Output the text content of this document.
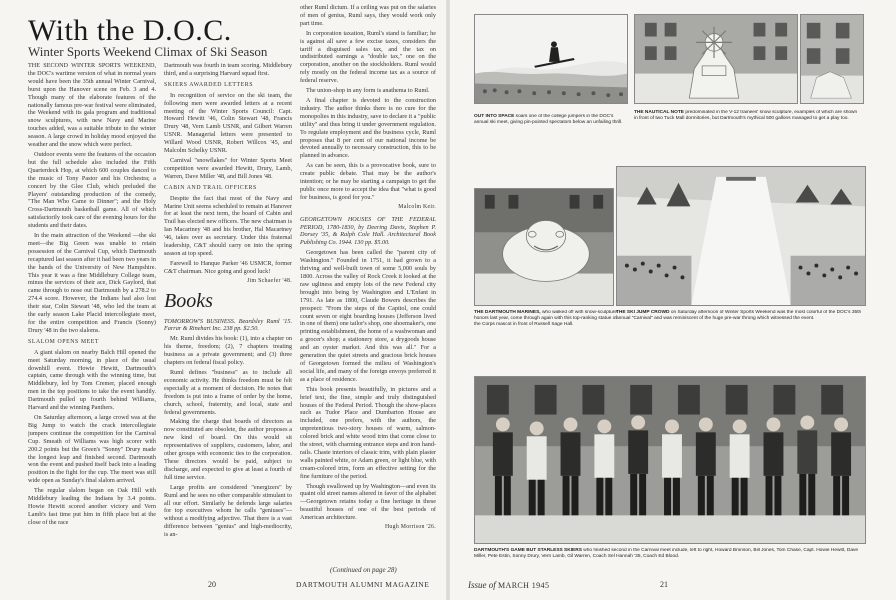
With the D.O.C.
Winter Sports Weekend Climax of Ski Season

THE SECOND WINTER SPORTS WEEKEND, the DOC's wartime version of what in normal years would have been the 35th annual Winter Carnival, burst upon the Hanover scene on Feb. 3 and 4. Though many of the elaborate features of the nationally famous pre-war festival were eliminated, the Weekend with its gala program and traditional snow sculptures, with new Navy and Marine touches added, was a suitable tribute to the winter season. A large crowd in holiday mood enjoyed the weather and the snow which were perfect.

Outdoor events were the features of the occasion but the full schedule also included the Fifth Quarterdeck Hop, at which 600 couples danced to the music of Tony Pastor and his Orchestra; a concert by the Glee Club, which preluded the Players' outstanding production of the comedy, "The Man Who Came to Dinner"; and the Holy Cross-Dartmouth basketball game. All of which satisfactorily took care of the evening hours for the students and their dates.

In the main attraction of the Weekend —the ski meet—the Big Green was unable to retain possession of the Carnival Cup, which Dartmouth recaptured last season after it had been two years in the hands of the University of New Hampshire. This year it was a fine Middlebury College team, minus the services of their ace, Dick Gaylord, that came through to nose out Dartmouth by a 278.2 to 274.4 score. However, the Indians had also lost their star, Colin Stewart '48, who led the team at the early season Lake Placid intercollegiate meet, for the entire competition and Francis (Sonny) Drury '48 in the two slaloms.

SLALOM OPENS MEET

A giant slalom on nearby Balch Hill opened the meet Saturday morning, in place of the usual downhill event. Howie Hewitt, Dartmouth's captain, came through with the winning time, but Middlebury, led by Tom Cremer, placed enough men in the top positions to take the event handily. Dartmouth pulled up fourth behind Williams, Harvard and the winning Panthers.

On Saturday afternoon, a large crowd was at the Big Jump to watch the crack intercollegiate jumpers continue the competition for the Carnival Cup. Smeath of Williams was high scorer with 200.2 points but the Green's "Sonny" Drury made the longest leap and finished second. Dartmouth won the event and pushed itself back into a leading position in the fight for the cup. The meet was still wide open as Sunday's final slalom arrived.

The regular slalom began on Oak Hill with Middlebury leading the Indians by 3.4 points. Howie Hewitt scored another victory and Vern Lamb's fast time put him in fifth place but at the close of the race

Dartmouth was fourth in team scoring. Middlebury third, and a surprising Harvard squad first.

SKIERS AWARDED LETTERS

In recognition of service on the ski team, the following men were awarded letters at a recent meeting of the Winter Sports Council: Capt. Howard Hewitt '46, Colin Stewart '48, Francis Drury '48, Vern Lamb USNR, and Gilbert Warren USNR. Managerial letters were presented to Willard Wood USNR, Robert Willcox '45, and Malcolm Schelky USNR.

Carnival "snowflakes" for Winter Sports Meet competition were awarded Hewitt, Drury, Lamb, Warren, Dave Miller '48, and Bill Jones '48.

CABIN AND TRAIL OFFICERS

Despite the fact that most of the Navy and Marine Unit seems scheduled to remain at Hanover for at least the next term, the board of Cabin and Trail has elected new officers. The new chairman is Ian Macartney '48 and his brother, Hal Macartney '46, takes over as secretary. Under this fraternal leadership, C&T should carry on into the spring season at top speed.

Farewell to Hanque Parker '46 USMCR, former C&T chairman. Nice going and good luck!

Jim Schaefer '48.
Books

TOMORROW'S BUSINESS. Beardsley Ruml '15. Farrar & Rinehart Inc. 238 pp. $2.50.

Mr. Ruml divides his book: (1), into a chapter on his theme, freedom; (2), 7 chapters treating business as a private government; and (3) three chapters on federal fiscal policy.

Ruml defines "business" as to include all economic activity. He thinks freedom must be felt especially at a moment of decision. He notes that freedom is put into a frame of order by the home, church, school, fraternity, and local, state and federal governments.

Making the charge that boards of directors as now constituted are obsolete, the author proposes a new kind of board. On this would sit representatives of suppliers, customers, labor, and other groups with economic ties to the corporation. These directors would be paid, subject to discharge, and expected to give at least a fourth of full time service.

Large profits are considered "energizers" by Ruml and he sees no other comparable stimulant to all our effort. Similarly he defends large salaries for top executives whom he calls "geniuses"—without a modifying adjective. That there is a vast difference between "genius" and high-mediocrity, is an-

other Ruml dictum. If a ceiling was put on the salaries of men of genius, Ruml says, they would work only part time.

In corporation taxation, Ruml's stand is familiar; he is against all save a few excise taxes, considers the tariff a disguised sales tax, and the tax on undistributed earnings a "double tax," one on the corporation, another on the stockholders. Ruml would rely mostly on the federal income tax as a source of federal reserve.

The union-shop in any form is anathema to Ruml.

A final chapter is devoted to the construction industry. The author thinks there is no cure for the monopolies in this industry, save to declare it a "public utility" and thus bring it under government regulation. To regulate employment and the business cycle, Ruml proposes that 8 per cent of our national income be devoted annually to necessary construction, this to be planned in advance.

As can be seen, this is a provocative book, sure to create public debate. That may be the author's intention; or he may be starting a campaign to get the public once more to accept the idea that "what is good for business, is good for you."

Malcolm Keir.

GEORGETOWN HOUSES OF THE FEDERAL PERIOD, 1780-1830, by Deering Davis, Stephen P. Dorsey '35, & Ralph Cole Hall. Architectural Book Publishing Co. 1944. 130 pp. $5.00.

Georgetown has been called the "parent city of Washington." Founded in 1751, it had grown to a thriving and well-built town of some 5,000 souls by 1800. Across the valley of Rock Creek it looked at the raw ugliness and empty lots of the new Federal city brought into being by Washington and L'Enfant in 1791. As late as 1800, Claude Bowers describes the prospect: "From the steps of the Capitol, one could count seven or eight boarding houses (Jefferson lived in one of them) one tailor's shop, one shoemaker's, one printing establishment, the home of a washwoman and a grocer's shop; a stationery store, a drygoods house and an oyster market. And this was all." For a generation the quiet streets and gracious brick houses of Georgetown formed the milieu of Washington's social life, and many of the foreign envoys preferred it as a place of residence.

This book presents beautifully, in pictures and a brief text, the fine, simple and truly distinguished houses of the Federal Period. Though the show-places such as Tudor Place and Dumbarton House are included, one prefers, with the authors, the unpretentious two-story houses of warm, salmon-colored brick and white wood trim that come close to the street, with charming entrance steps and iron hand-rails. Chaste interiors of classic trim, with plain plaster walls painted white, or Adam green, or light blue, with cream-colored trim, form an effective setting for the fine furniture of the period.

Though swallowed up by Washington—and even its quaint old street names altered in favor of the alphabet—Georgetown retains today a fine heritage in these beautiful houses of one of the best periods of American architecture.

Hugh Morrison '26.
(Continued on page 28)
20	DARTMOUTH ALUMNI MAGAZINE
OUT INTO SPACE soars one of the college jumpers in the DOC's annual ski meet, giving pin-pointed spectators below an unfailing thrill.
THE NAUTICAL NOTE predominated in the V-12 trainees' snow sculpture, examples of which are shown in front of two Tuck Mall dormitories, but Dartmouth's mythical 500 gallons managed to get a play too.
THE DARTMOUTH MARINES, who walked off with snow-sculpture honors last year, come through again with this top-ranking statue of the Corps mascot in front of Russell Sage Hall.
THE SKI JUMP CROWD on Saturday afternoon of Winter Sports Weekend was the most colorful of the DOC's 35th annual "Carnival" and was reminiscent of the huge pre-war throng which witnessed the event.
DARTMOUTH'S GAME BUT STARLESS SKIERS who finished second in the Carnival meet include, left to right, Howard Bronson, Bill Jones, Tom Chase, Capt. Howie Hewitt, Dave Miller, Pete Estin, Sonny Drury, Vern Lamb, Gil Warren, Coach Sel Hannah '35, Coach Ed Blood.
Issue of MARCH 1945	21
